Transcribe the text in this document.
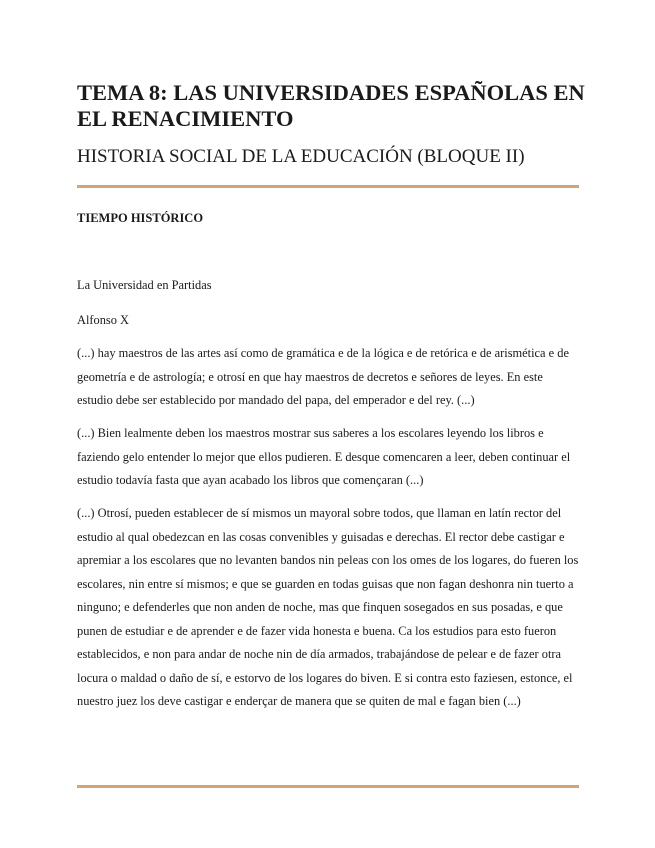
TEMA 8: LAS UNIVERSIDADES ESPAÑOLAS EN EL RENACIMIENTO
HISTORIA SOCIAL DE LA EDUCACIÓN (BLOQUE II)
TIEMPO HISTÓRICO
La Universidad en Partidas
Alfonso X
(...) hay maestros de las artes así como de gramática e de la lógica e de retórica e de arismética e de geometría e de astrología; e otrosí en que hay maestros de decretos e señores de leyes. En este estudio debe ser establecido por mandado del papa, del emperador e del rey. (...)
(...) Bien lealmente deben los maestros mostrar sus saberes a los escolares leyendo los libros e faziendo gelo entender lo mejor que ellos pudieren. E desque comencaren a leer, deben continuar el estudio todavía fasta que ayan acabado los libros que començaran (...)
(...) Otrosí, pueden establecer de sí mismos un mayoral sobre todos, que llaman en latín rector del estudio al qual obedezcan en las cosas convenibles y guisadas e derechas. El rector debe castigar e apremiar a los escolares que no levanten bandos nin peleas con los omes de los logares, do fueren los escolares, nin entre sí mismos; e que se guarden en todas guisas que non fagan deshonra nin tuerto a ninguno; e defenderles que non anden de noche, mas que finquen sosegados en sus posadas, e que punen de estudiar e de aprender e de fazer vida honesta e buena. Ca los estudios para esto fueron establecidos, e non para andar de noche nin de día armados, trabajándose de pelear e de fazer otra locura o maldad o daño de sí, e estorvo de los logares do biven. E si contra esto faziesen, estonce, el nuestro juez los deve castigar e enderçar de manera que se quiten de mal e fagan bien (...)
